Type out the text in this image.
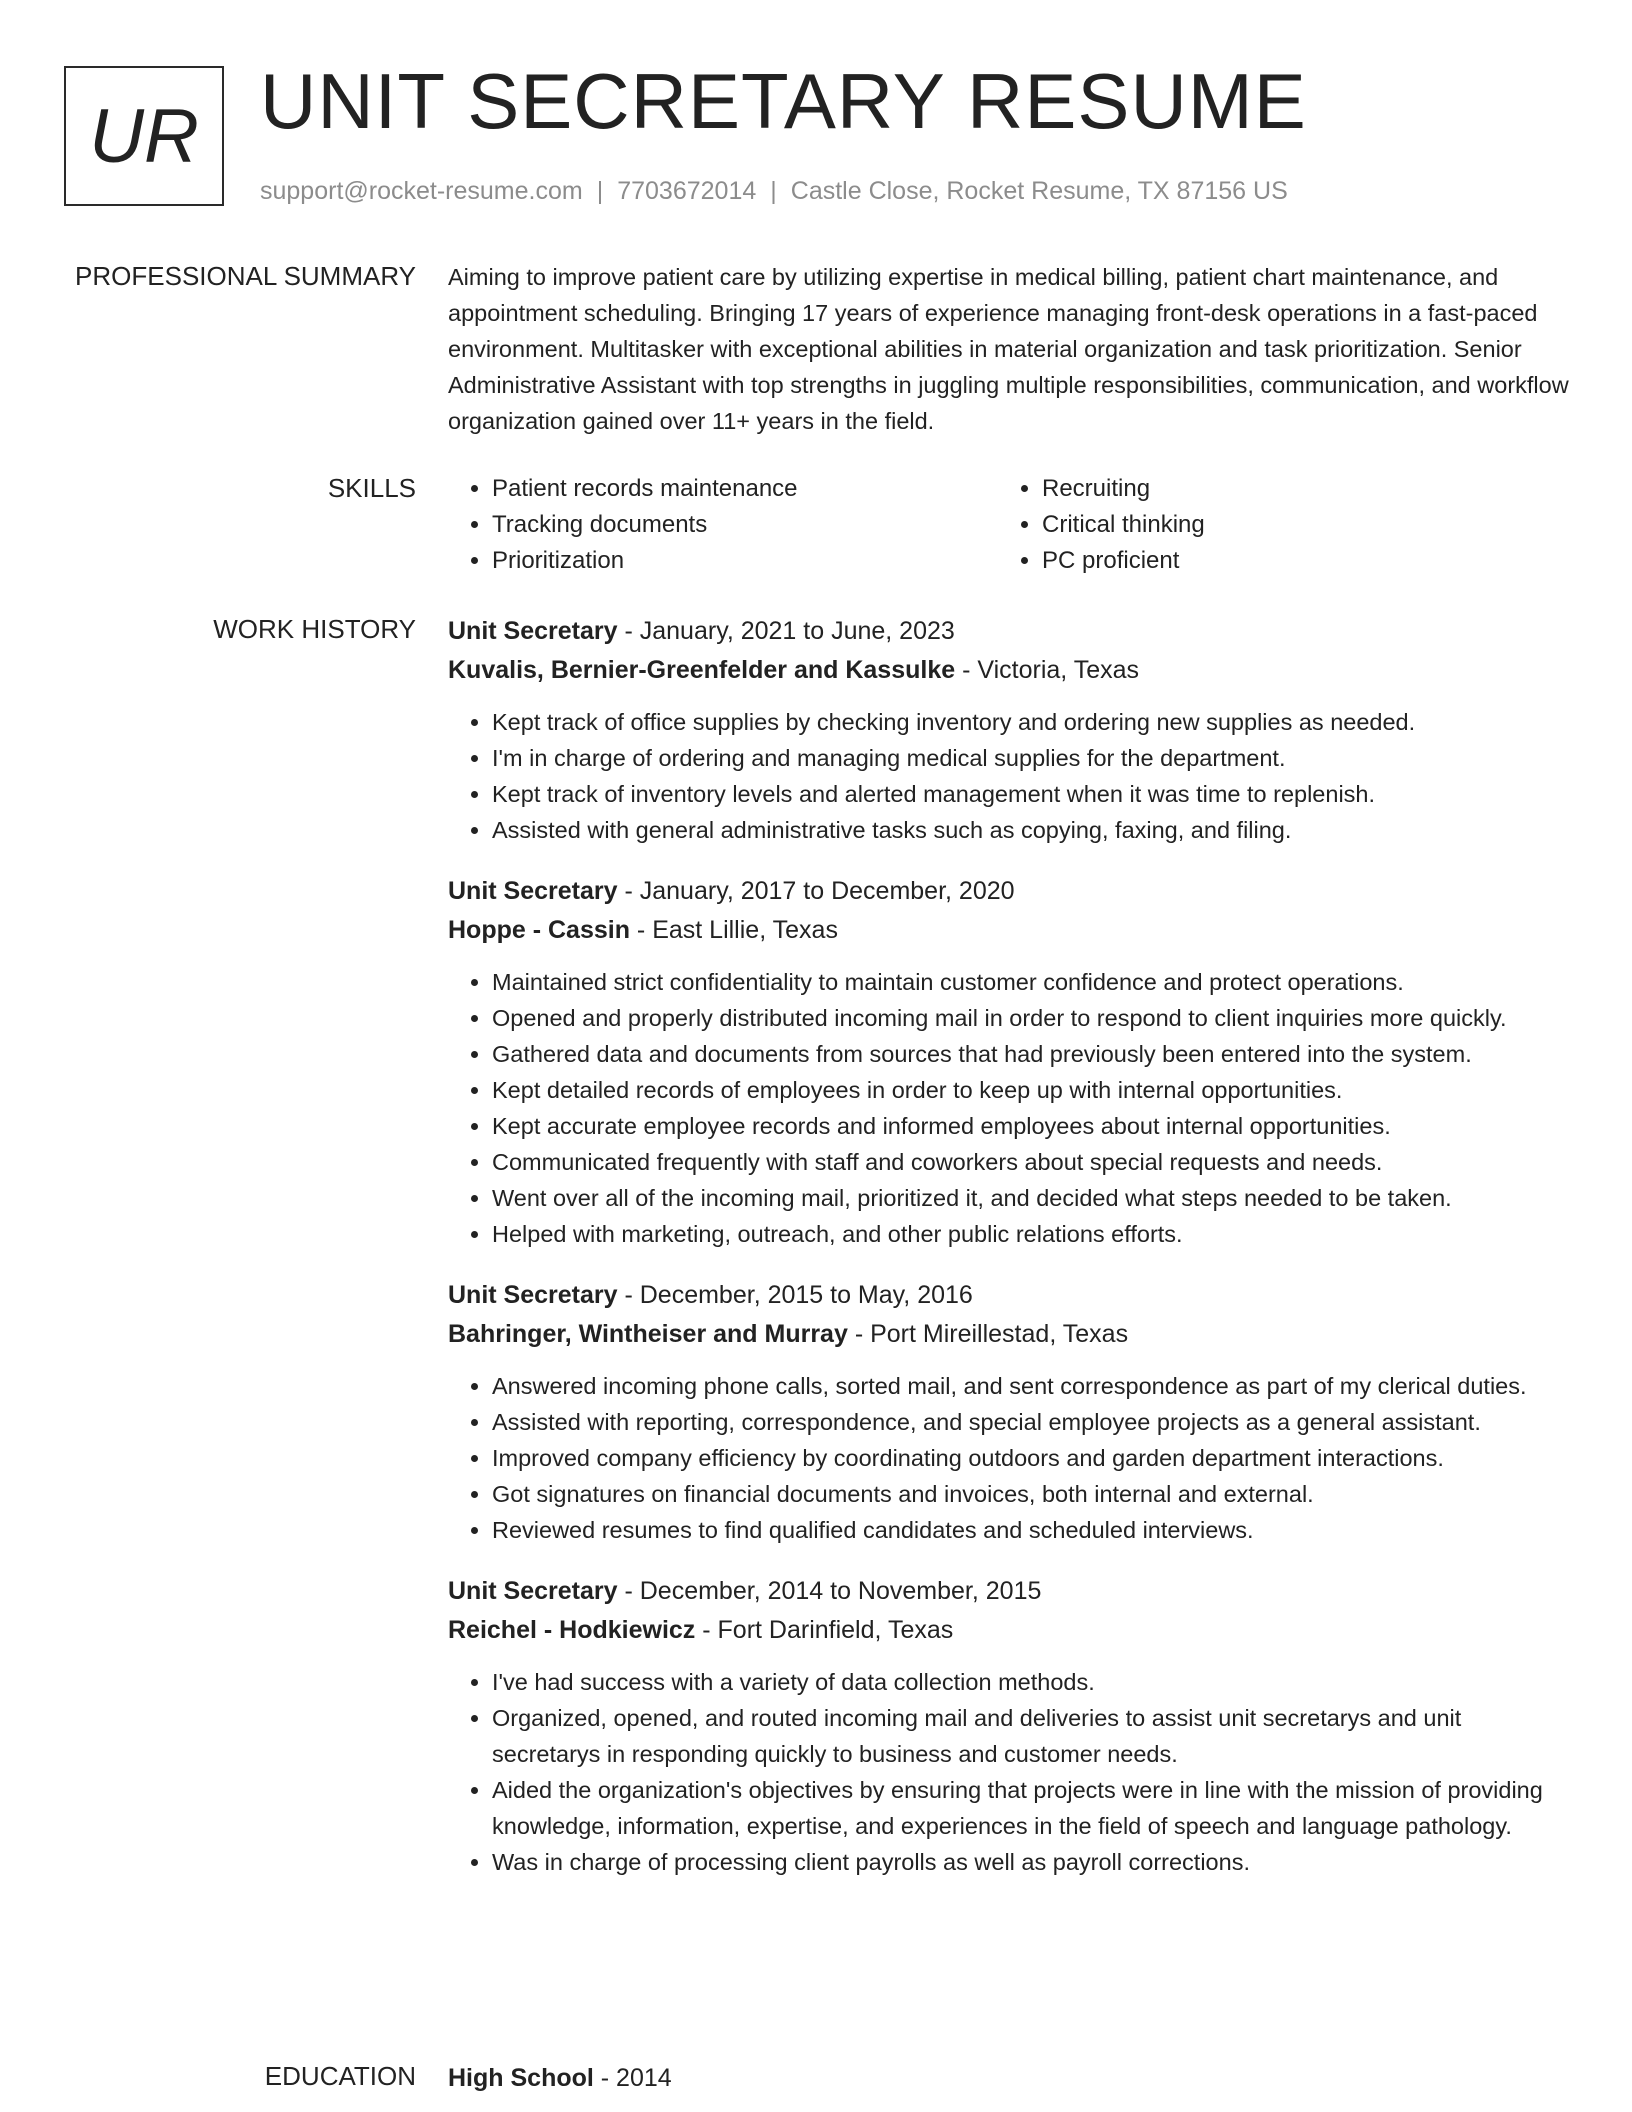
UR UNIT SECRETARY RESUME
support@rocket-resume.com | 7703672014 | Castle Close, Rocket Resume, TX 87156 US
PROFESSIONAL SUMMARY Aiming to improve patient care by utilizing expertise in medical billing, patient chart maintenance, and appointment scheduling. Bringing 17 years of experience managing front-desk operations in a fast-paced environment. Multitasker with exceptional abilities in material organization and task prioritization. Senior Administrative Assistant with top strengths in juggling multiple responsibilities, communication, and workflow organization gained over 11+ years in the field.

SKILLS
•	Patient records maintenance
• Tracking documents
• Prioritization
• Recruiting
• Critical thinking
• PC proficient
WORK HISTORY Unit Secretary - January, 2021 to June, 2023
Kuvalis, Bernier-Greenfelder and Kassulke - Victoria, Texas
• Kept track of office supplies by checking inventory and ordering new supplies as needed.
• I'm in charge of ordering and managing medical supplies for the department.
• Kept track of inventory levels and alerted management when it was time to replenish.
• Assisted with general administrative tasks such as copying, faxing, and filing.
Unit Secretary - January, 2017 to December, 2020
Hoppe - Cassin - East Lillie, Texas
• Maintained strict confidentiality to maintain customer confidence and protect operations.
• Opened and properly distributed incoming mail in order to respond to client inquiries more quickly.
• Gathered data and documents from sources that had previously been entered into the system.
• Kept detailed records of employees in order to keep up with internal opportunities.
• Kept accurate employee records and informed employees about internal opportunities.
• Communicated frequently with staff and coworkers about special requests and needs.
• Went over all of the incoming mail, prioritized it, and decided what steps needed to be taken.
• Helped with marketing, outreach, and other public relations efforts.
Unit Secretary - December, 2015 to May, 2016
Bahringer, Wintheiser and Murray - Port Mireillestad, Texas
• Answered incoming phone calls, sorted mail, and sent correspondence as part of my clerical duties.
• Assisted with reporting, correspondence, and special employee projects as a general assistant.
• Improved company efficiency by coordinating outdoors and garden department interactions.
• Got signatures on financial documents and invoices, both internal and external.
• Reviewed resumes to find qualified candidates and scheduled interviews.
Unit Secretary - December, 2014 to November, 2015
Reichel - Hodkiewicz - Fort Darinfield, Texas
• I've had success with a variety of data collection methods.
• Organized, opened, and routed incoming mail and deliveries to assist unit secretarys and unit secretarys in responding quickly to business and customer needs.
• Aided the organization's objectives by ensuring that projects were in line with the mission of providing knowledge, information, expertise, and experiences in the field of speech and language pathology.
• Was in charge of processing client payrolls as well as payroll corrections.
EDUCATION High School - 2014
